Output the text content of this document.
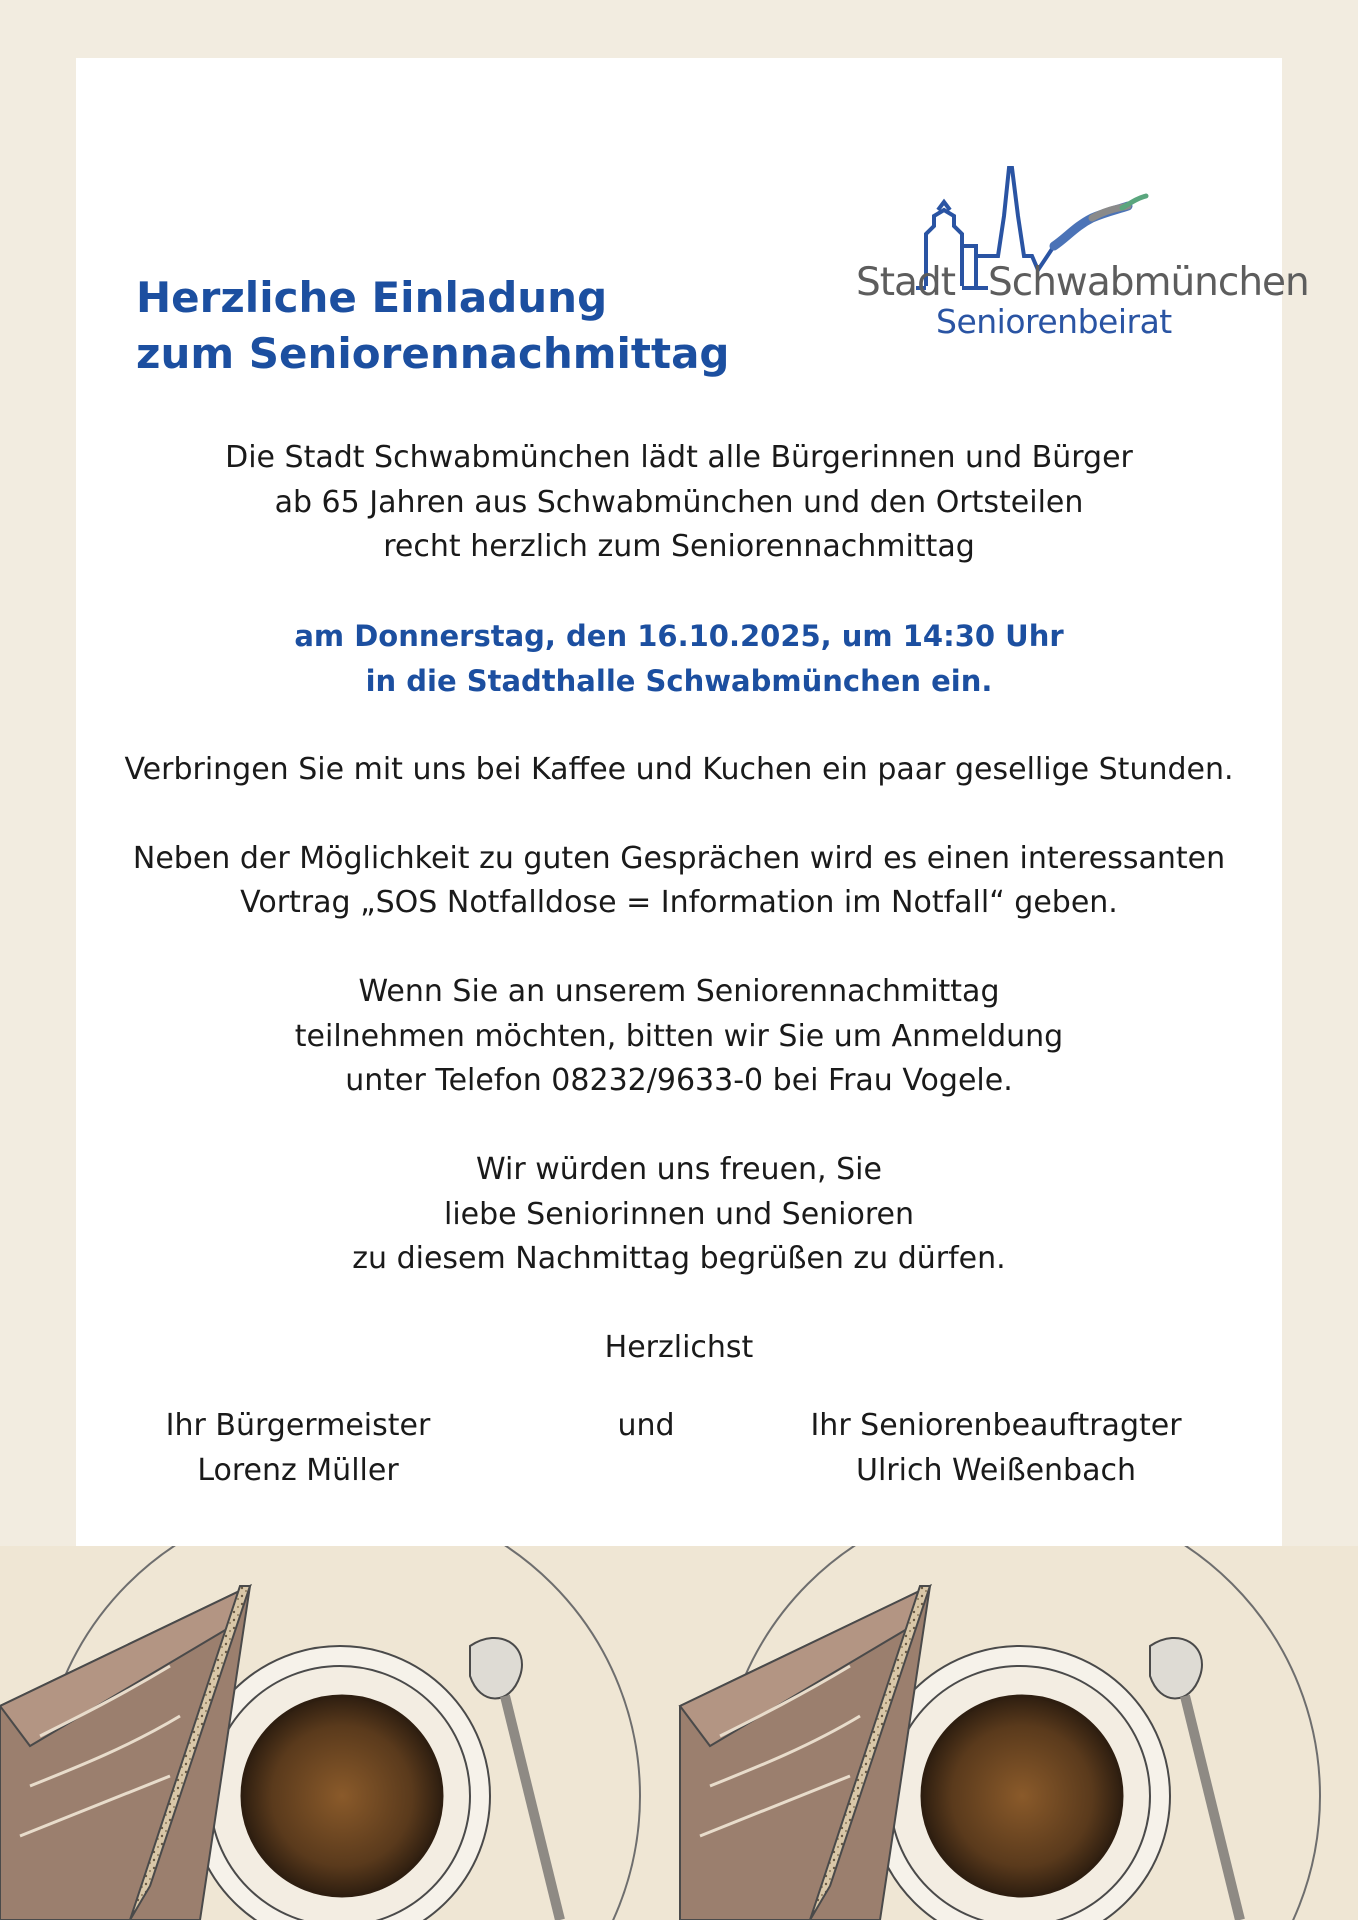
Stadt Schwabmünchen
Seniorenbeirat
Herzliche Einladung
zum Seniorennachmittag
Die Stadt Schwabmünchen lädt alle Bürgerinnen und Bürger
ab 65 Jahren aus Schwabmünchen und den Ortsteilen
recht herzlich zum Seniorennachmittag
am Donnerstag, den 16.10.2025, um 14:30 Uhr
in die Stadthalle Schwabmünchen ein.
Verbringen Sie mit uns bei Kaffee und Kuchen ein paar gesellige Stunden.
Neben der Möglichkeit zu guten Gesprächen wird es einen interessanten
Vortrag „SOS Notfalldose = Information im Notfall“ geben.
Wenn Sie an unserem Seniorennachmittag
teilnehmen möchten, bitten wir Sie um Anmeldung
unter Telefon 08232/9633-0 bei Frau Vogele.
Wir würden uns freuen, Sie
liebe Seniorinnen und Senioren
zu diesem Nachmittag begrüßen zu dürfen.
Herzlichst
Ihr Bürgermeister
Lorenz Müller
und	Ihr Seniorenbeauftragter
Ulrich Weißenbach
